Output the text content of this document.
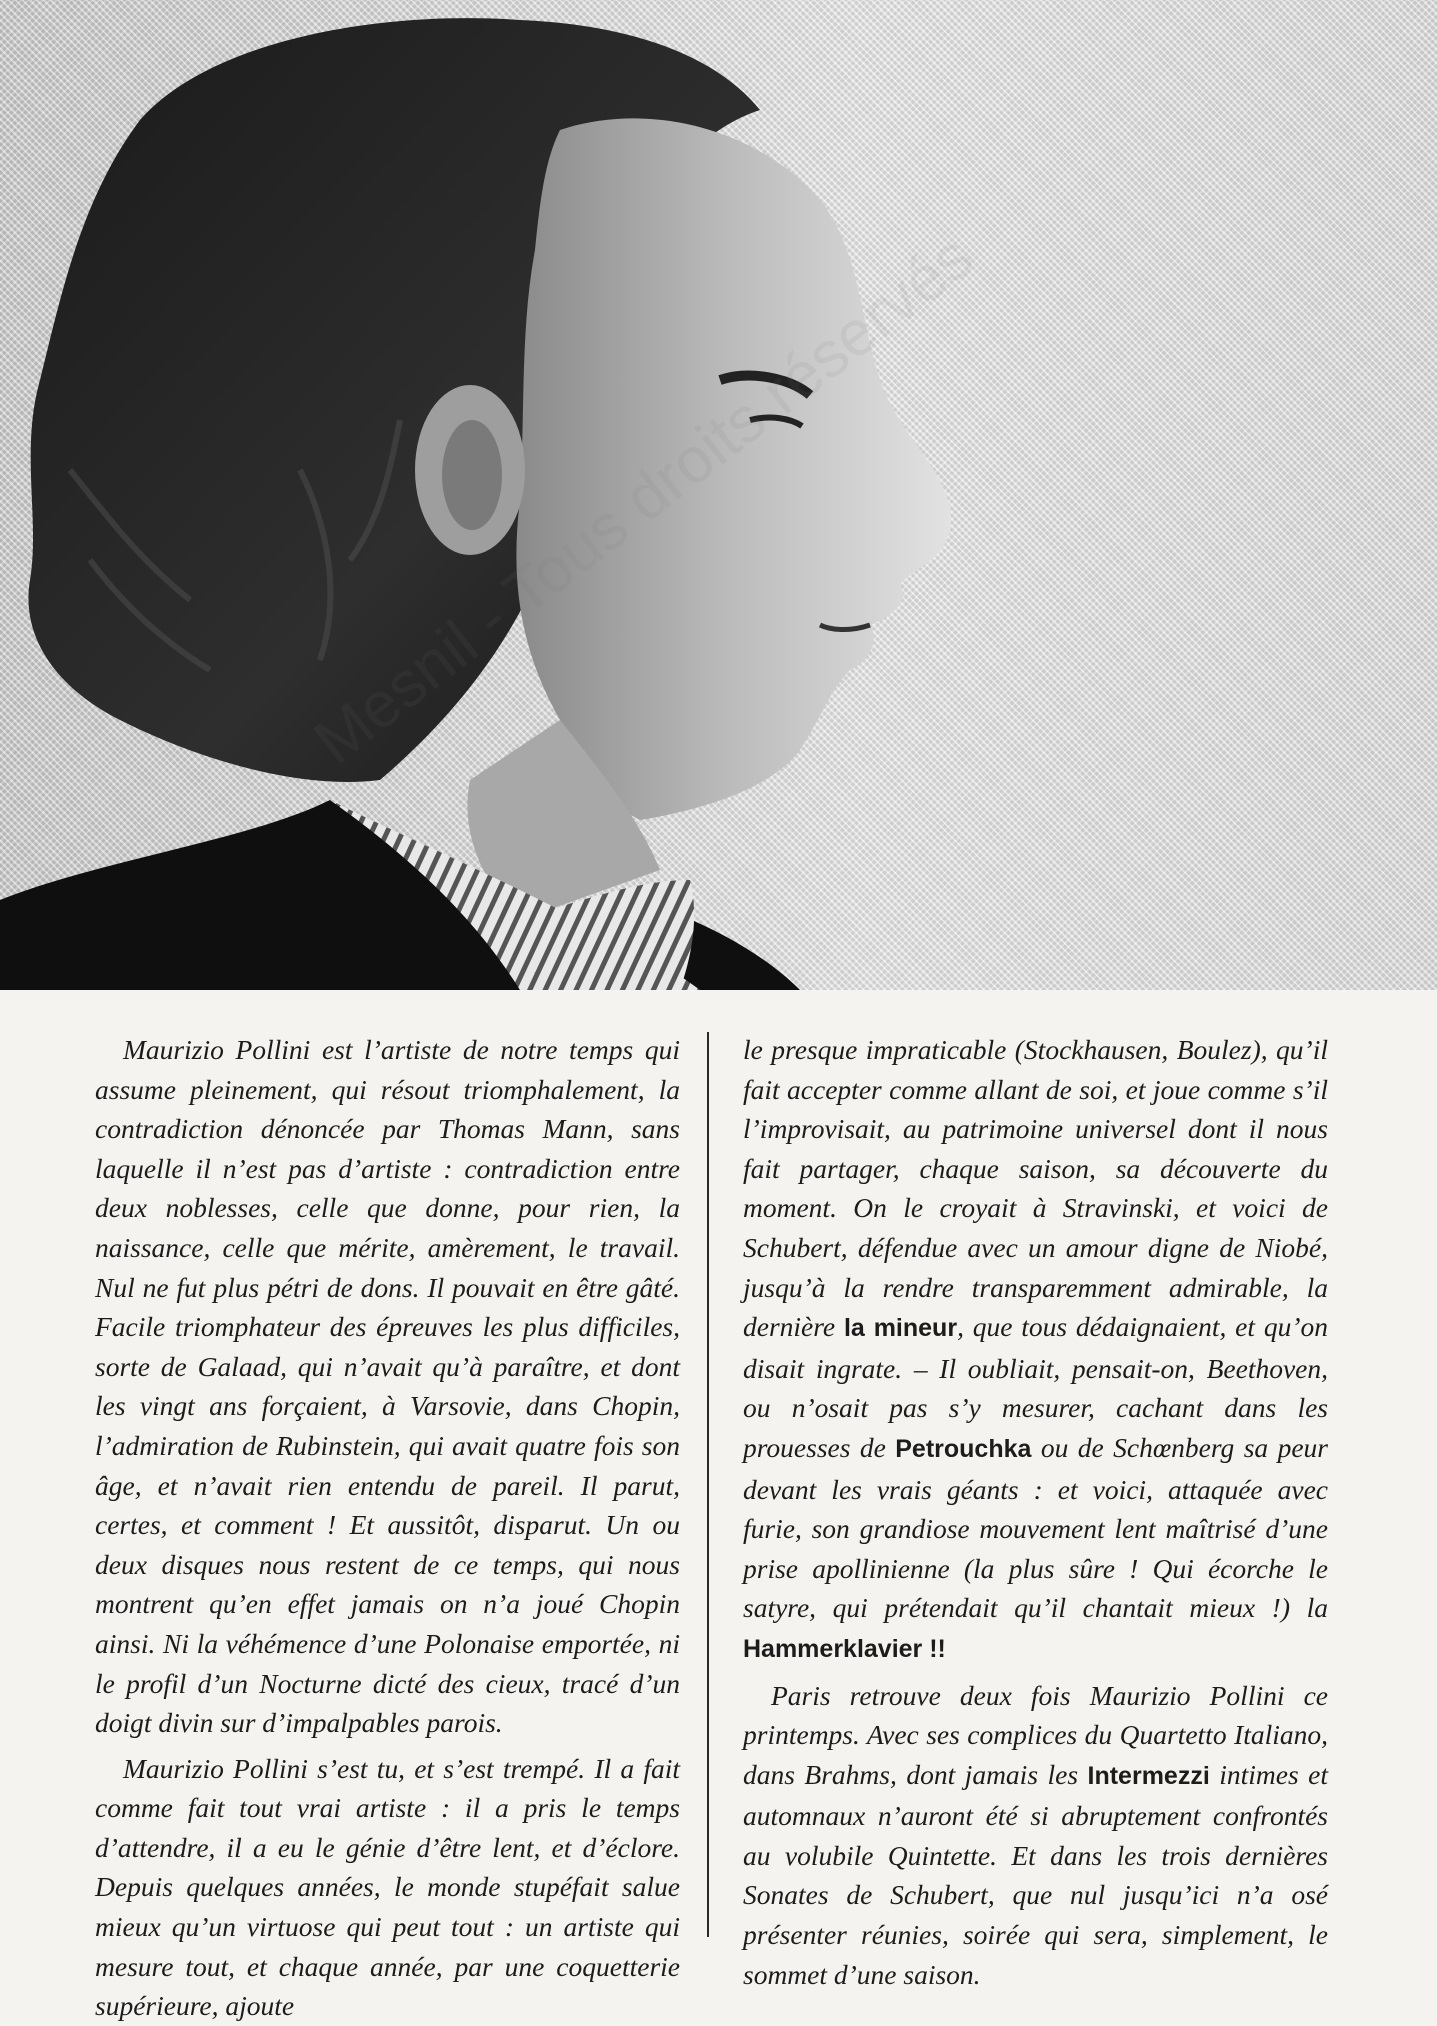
réservés

Maurizio Pollini est l’artiste de notre temps qui assume pleinement, qui résout triomphalement, la contradiction dénoncée par Thomas Mann, sans laquelle il n’est pas d’artiste : contradiction entre deux noblesses, celle que donne, pour rien, la naissance, celle que mérite, amèrement, le travail. Nul ne fut plus pétri de dons. Il pouvait en être gâté. Facile triomphateur des épreuves les plus difficiles, sorte de Galaad, qui n’avait qu’à paraître, et dont les vingt ans forçaient, à Varsovie, dans Chopin, l’admiration de Rubinstein, qui avait quatre fois son âge, et n’avait rien entendu de pareil. Il parut, certes, et comment ! Et aussitôt, disparut. Un ou deux disques nous restent de ce temps, qui nous montrent qu’en effet jamais on n’a joué Chopin ainsi. Ni la véhémence d’une Polonaise emportée, ni le profil d’un Nocturne dicté des cieux, tracé d’un doigt divin sur d’impalpables parois.

Maurizio Pollini s’est tu, et s’est trempé. Il a fait comme fait tout vrai artiste : il a pris le temps d’attendre, il a eu le génie d’être lent, et d’éclore. Depuis quelques années, le monde stupéfait salue mieux qu’un virtuose qui peut tout : un artiste qui mesure tout, et chaque année, par une coquetterie supérieure, ajoute

le presque impraticable (Stockhausen, Boulez), qu’il fait accepter comme allant de soi, et joue comme s’il l’improvisait, au patrimoine universel dont il nous fait partager, chaque saison, sa découverte du moment. On le croyait à Stravinski, et voici de Schubert, défendue avec un amour digne de Niobé, jusqu’à la rendre transparemment admirable, la dernière la mineur, que tous dédaignaient, et qu’on disait ingrate. – Il oubliait, pensait-on, Beethoven, ou n’osait pas s’y mesurer, cachant dans les prouesses de Petrouchka ou de Schœnberg sa peur devant les vrais géants : et voici, attaquée avec furie, son grandiose mouvement lent maîtrisé d’une prise apollinienne (la plus sûre ! Qui écorche le satyre, qui prétendait qu’il chantait mieux !) la Hammerklavier !!

Paris retrouve deux fois Maurizio Pollini ce printemps. Avec ses complices du Quartetto Italiano, dans Brahms, dont jamais les Intermezzi intimes et automnaux n’auront été si abruptement confrontés au volubile Quintette. Et dans les trois dernières Sonates de Schubert, que nul jusqu’ici n’a osé présenter réunies, soirée qui sera, simplement, le sommet d’une saison.
